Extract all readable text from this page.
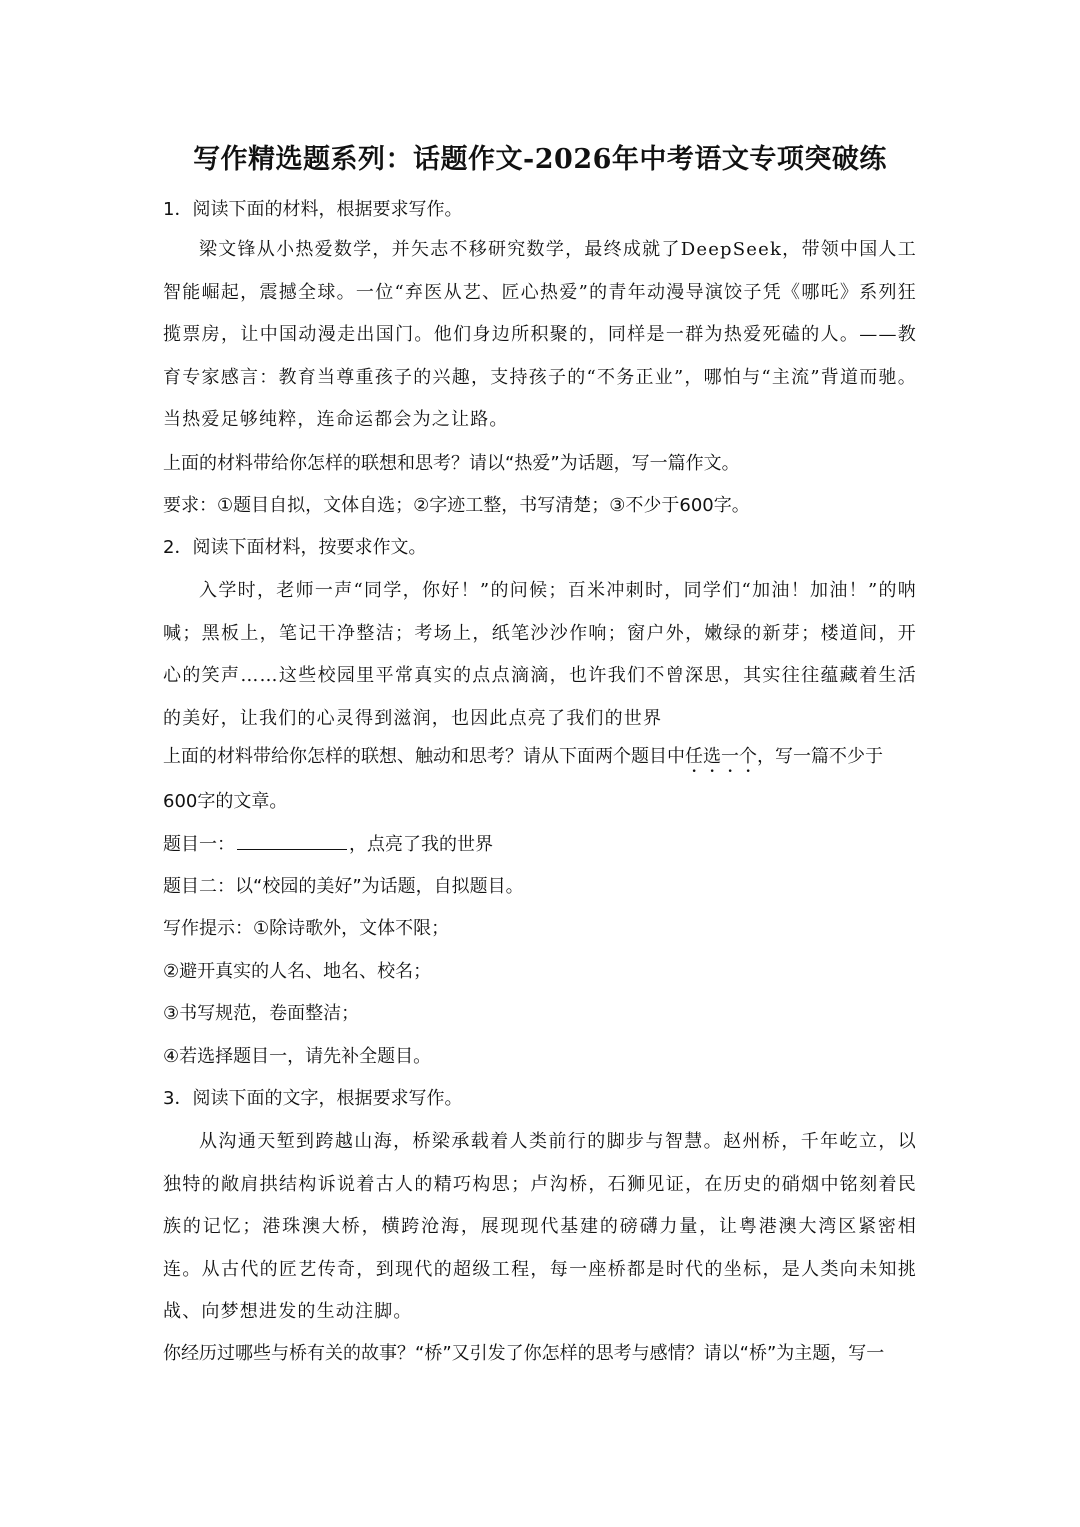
写作精选题系列：话题作文-2026年中考语文专项突破练
1．阅读下面的材料，根据要求写作。
梁文锋从小热爱数学，并矢志不移研究数学，最终成就了DeepSeek，带领中国人工智能崛起，震撼全球。一位“弃医从艺、匠心热爱”的青年动漫导演饺子凭《哪吒》系列狂揽票房，让中国动漫走出国门。他们身边所积聚的，同样是一群为热爱死磕的人。——教育专家感言：教育当尊重孩子的兴趣，支持孩子的“不务正业”，哪怕与“主流”背道而驰。当热爱足够纯粹，连命运都会为之让路。
上面的材料带给你怎样的联想和思考？请以“热爱”为话题，写一篇作文。
要求：①题目自拟，文体自选；②字迹工整，书写清楚；③不少于600字。
2．阅读下面材料，按要求作文。
入学时，老师一声“同学，你好！”的问候；百米冲刺时，同学们“加油！加油！”的呐喊；黑板上，笔记干净整洁；考场上，纸笔沙沙作响；窗户外，嫩绿的新芽；楼道间，开心的笑声……这些校园里平常真实的点点滴滴，也许我们不曾深思，其实往往蕴藏着生活的美好，让我们的心灵得到滋润，也因此点亮了我们的世界
上面的材料带给你怎样的联想、触动和思考？请从下面两个题目中任选一个，写一篇不少于
600字的文章。
题目一：	，点亮了我的世界
题目二：以“校园的美好”为话题，自拟题目。
写作提示：①除诗歌外，文体不限；
②避开真实的人名、地名、校名；
③书写规范，卷面整洁；
④若选择题目一，请先补全题目。
3．阅读下面的文字，根据要求写作。
从沟通天堑到跨越山海，桥梁承载着人类前行的脚步与智慧。赵州桥，千年屹立，以独特的敞肩拱结构诉说着古人的精巧构思；卢沟桥，石狮见证，在历史的硝烟中铭刻着民族的记忆；港珠澳大桥，横跨沧海，展现现代基建的磅礴力量，让粤港澳大湾区紧密相连。从古代的匠艺传奇，到现代的超级工程，每一座桥都是时代的坐标，是人类向未知挑战、向梦想进发的生动注脚。
你经历过哪些与桥有关的故事？“桥”又引发了你怎样的思考与感情？请以“桥”为主题，写一
